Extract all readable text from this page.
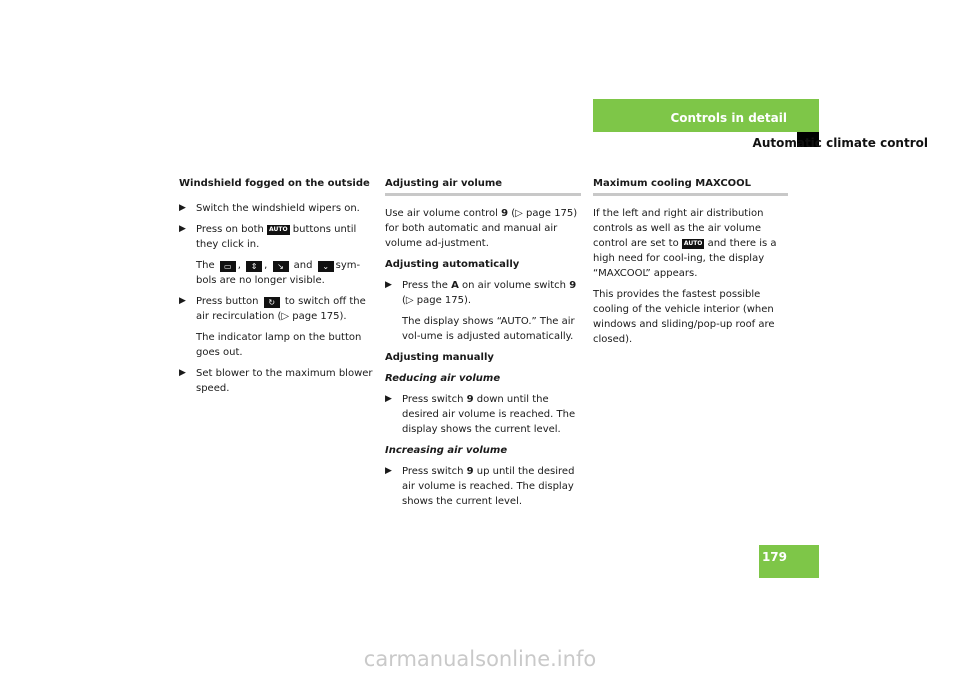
Controls in detail
Automatic climate control
Windshield fogged on the outside
▶ Switch the windshield wipers on.
▶ Press on both AUTO buttons until they click in.
The ▭ , ⇕ , ↘ and ⌄ sym-bols are no longer visible.
▶ Press button ↻ to switch off the air recirculation (▷ page 175).
The indicator lamp on the button goes out.
▶ Set blower to the maximum blower speed.
Adjusting air volume
Use air volume control 9 (▷ page 175) for both automatic and manual air volume ad-justment.
Adjusting automatically
▶ Press the A on air volume switch 9 (▷ page 175).
The display shows “AUTO.” The air vol-ume is adjusted automatically.
Adjusting manually
Reducing air volume
▶ Press switch 9 down until the desired air volume is reached. The display shows the current level.
Increasing air volume
▶ Press switch 9 up until the desired air volume is reached. The display shows the current level.
Maximum cooling MAXCOOL
If the left and right air distribution controls as well as the air volume control are set to AUTO and there is a high need for cool-ing, the display “MAXCOOL” appears.
This provides the fastest possible cooling of the vehicle interior (when windows and sliding/pop-up roof are closed).
179
carmanualsonline.info
